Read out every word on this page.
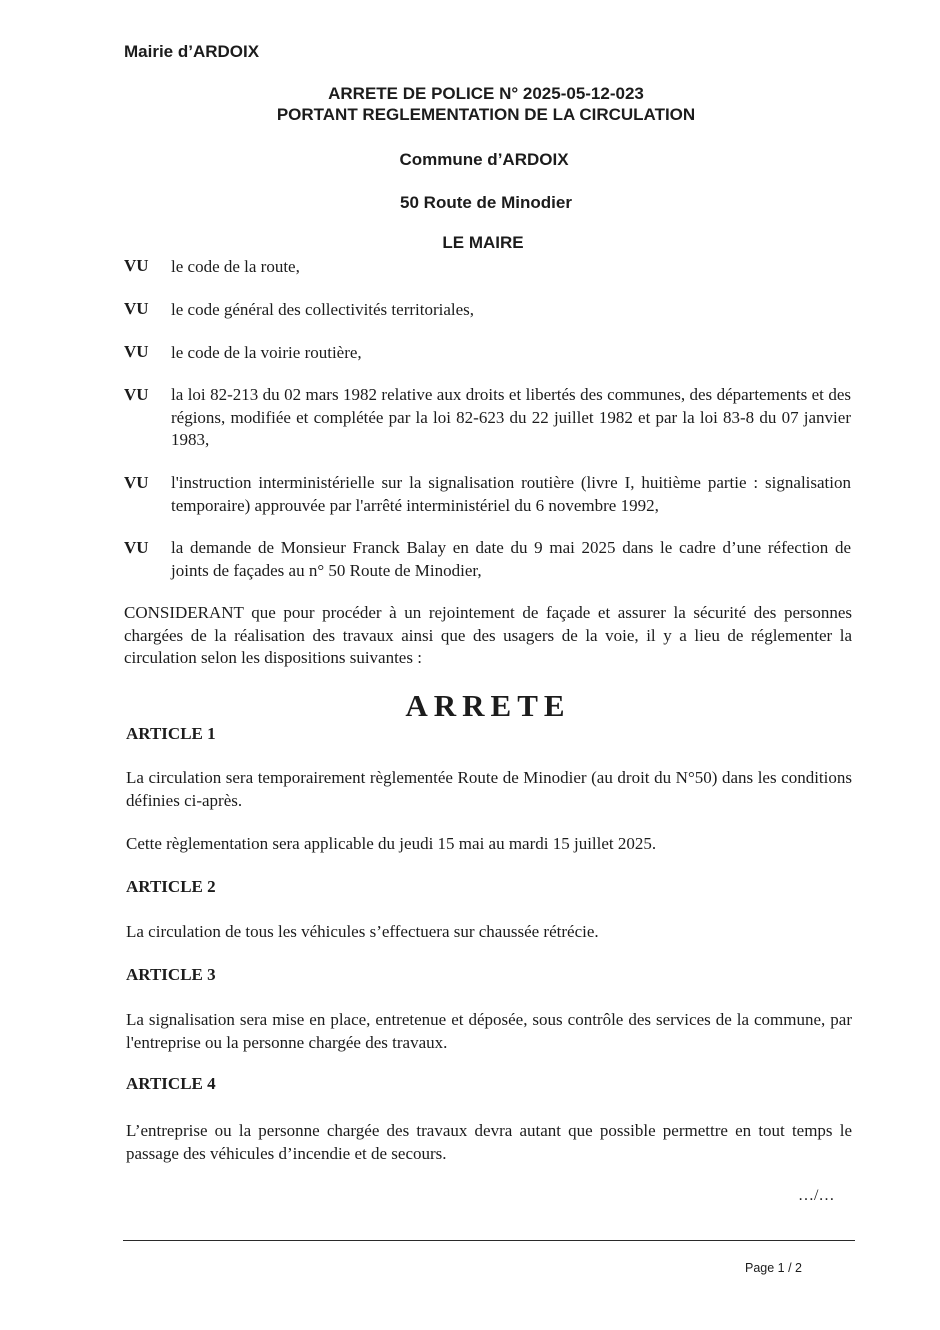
Mairie d’ARDOIX
ARRETE DE POLICE N° 2025-05-12-023
PORTANT REGLEMENTATION DE LA CIRCULATION
Commune d’ARDOIX
50 Route de Minodier
LE MAIRE
VU le code de la route,
VU le code général des collectivités territoriales,
VU le code de la voirie routière,
VU la loi 82-213 du 02 mars 1982 relative aux droits et libertés des communes, des départements et des régions, modifiée et complétée par la loi 82-623 du 22 juillet 1982 et par la loi 83-8 du 07 janvier 1983,
VU l'instruction interministérielle sur la signalisation routière (livre I, huitième partie : signalisation temporaire) approuvée par l'arrêté interministériel du 6 novembre 1992,
VU la demande de Monsieur Franck Balay en date du 9 mai 2025 dans le cadre d’une réfection de joints de façades au n° 50 Route de Minodier,
CONSIDERANT que pour procéder à un rejointement de façade et assurer la sécurité des personnes chargées de la réalisation des travaux ainsi que des usagers de la voie, il y a lieu de réglementer la circulation selon les dispositions suivantes :
ARRETE
ARTICLE 1
La circulation sera temporairement règlementée Route de Minodier (au droit du N°50) dans les conditions définies ci-après.
Cette règlementation sera applicable du jeudi 15 mai au mardi 15 juillet 2025.
ARTICLE 2
La circulation de tous les véhicules s’effectuera sur chaussée rétrécie.
ARTICLE 3
La signalisation sera mise en place, entretenue et déposée, sous contrôle des services de la commune, par l'entreprise ou la personne chargée des travaux.
ARTICLE 4
L’entreprise ou la personne chargée des travaux devra autant que possible permettre en tout temps le passage des véhicules d’incendie et de secours.
…/…
Page 1 / 2
